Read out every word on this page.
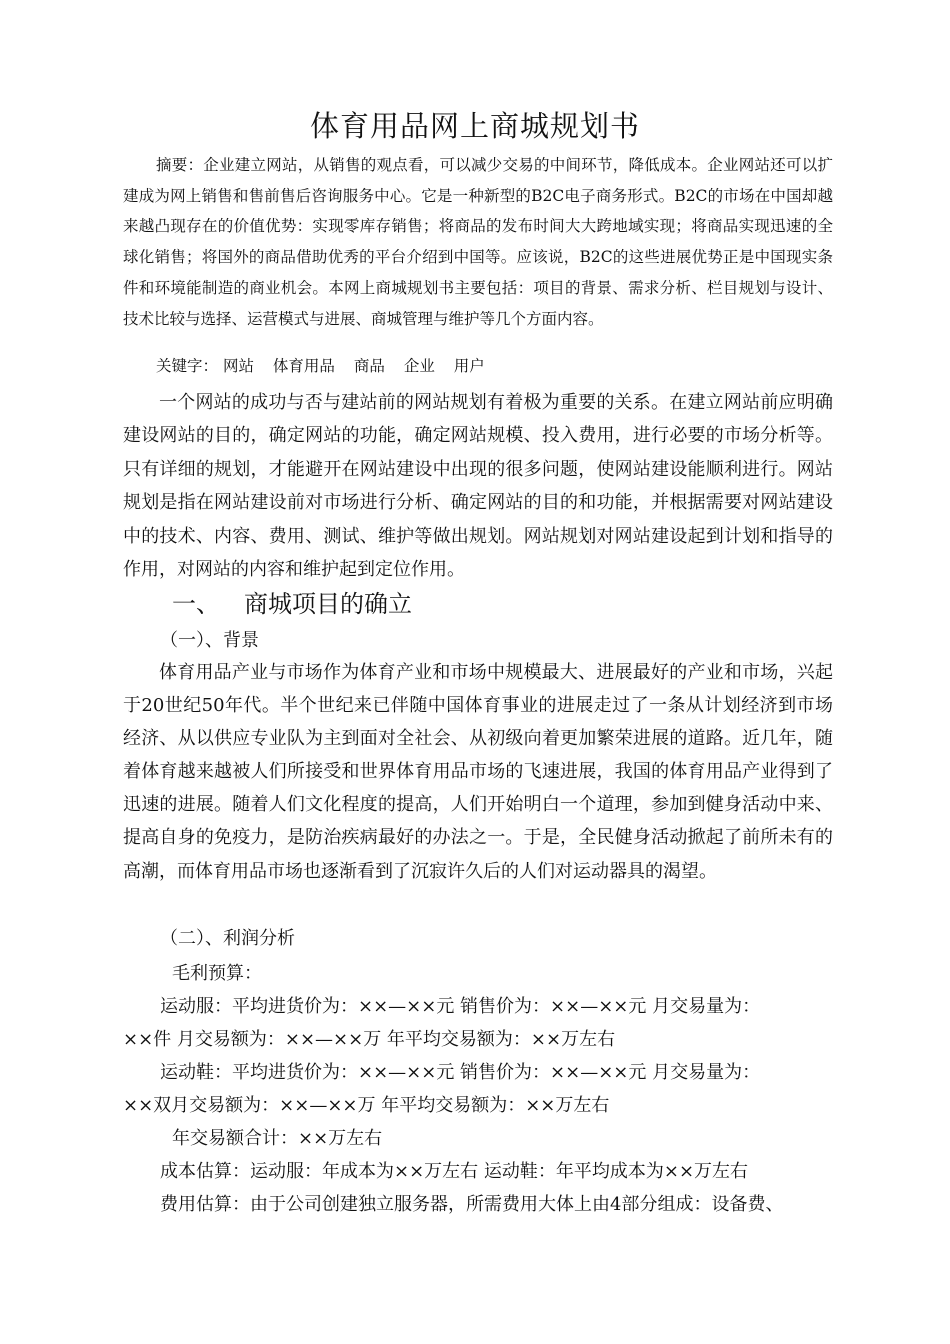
体育用品网上商城规划书

摘要：企业建立网站，从销售的观点看，可以减少交易的中间环节，降低成本。企业网站还可以扩建成为网上销售和售前售后咨询服务中心。它是一种新型的B2C电子商务形式。B2C的市场在中国却越来越凸现存在的价值优势：实现零库存销售；将商品的发布时间大大跨地域实现；将商品实现迅速的全球化销售；将国外的商品借助优秀的平台介绍到中国等。应该说，B2C的这些进展优势正是中国现实条件和环境能制造的商业机会。本网上商城规划书主要包括：项目的背景、需求分析、栏目规划与设计、技术比较与选择、运营模式与进展、商城管理与维护等几个方面内容。

关键字： 网站 体育用品 商品 企业 用户

一个网站的成功与否与建站前的网站规划有着极为重要的关系。在建立网站前应明确建设网站的目的，确定网站的功能，确定网站规模、投入费用，进行必要的市场分析等。只有详细的规划，才能避开在网站建设中出现的很多问题，使网站建设能顺利进行。网站规划是指在网站建设前对市场进行分析、确定网站的目的和功能，并根据需要对网站建设中的技术、内容、费用、测试、维护等做出规划。网站规划对网站建设起到计划和指导的作用，对网站的内容和维护起到定位作用。

一、 商城项目的确立
（一）、背景

体育用品产业与市场作为体育产业和市场中规模最大、进展最好的产业和市场，兴起于20世纪50年代。半个世纪来已伴随中国体育事业的进展走过了一条从计划经济到市场经济、从以供应专业队为主到面对全社会、从初级向着更加繁荣进展的道路。近几年，随着体育越来越被人们所接受和世界体育用品市场的飞速进展，我国的体育用品产业得到了迅速的进展。随着人们文化程度的提高，人们开始明白一个道理，参加到健身活动中来、提高自身的免疫力，是防治疾病最好的办法之一。于是，全民健身活动掀起了前所未有的高潮，而体育用品市场也逐渐看到了沉寂许久后的人们对运动器具的渴望。

（二）、利润分析

毛利预算：

运动服：平均进货价为：××—××元 销售价为：××—××元 月交易量为：

××件 月交易额为：××—××万 年平均交易额为：××万左右

运动鞋：平均进货价为：××—××元 销售价为：××—××元 月交易量为：

××双月交易额为：××—××万 年平均交易额为：××万左右

年交易额合计：××万左右

成本估算：运动服：年成本为××万左右 运动鞋：年平均成本为××万左右

费用估算：由于公司创建独立服务器，所需费用大体上由4部分组成：设备费、
